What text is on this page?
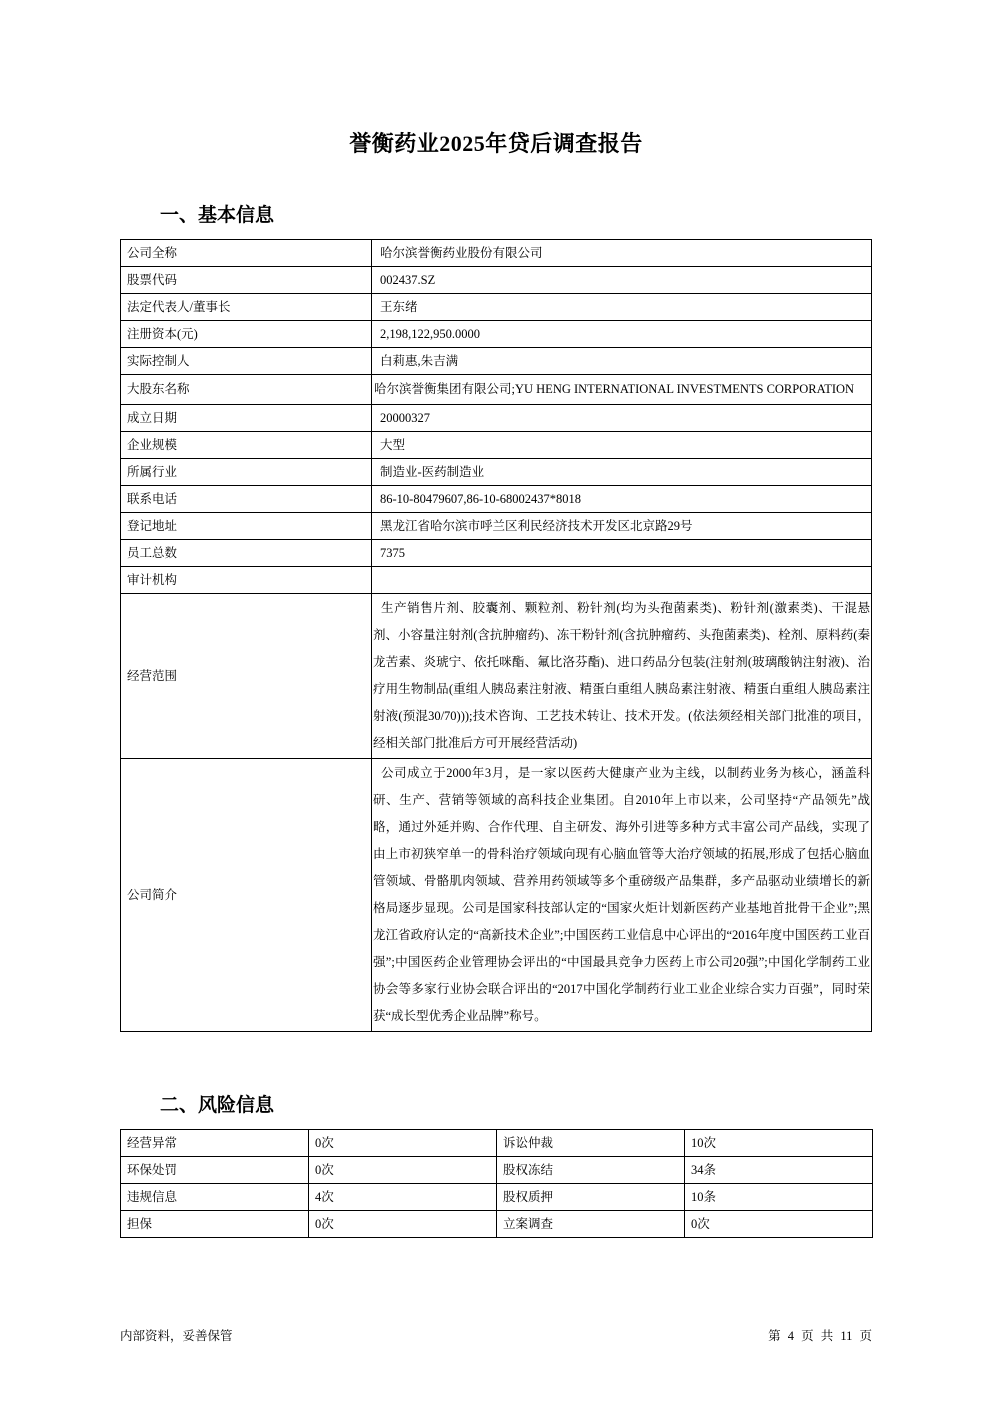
誉衡药业2025年贷后调查报告
一、基本信息
公司全称	哈尔滨誉衡药业股份有限公司
股票代码	002437.SZ
法定代表人/董事长	王东绪
注册资本(元)	2,198,122,950.0000
实际控制人	白莉惠,朱吉满
大股东名称	哈尔滨誉衡集团有限公司;YU HENG INTERNATIONAL INVESTMENTS CORPORATION
成立日期	20000327
企业规模	大型
所属行业	制造业-医药制造业
联系电话	86-10-80479607,86-10-68002437*8018
登记地址	黑龙江省哈尔滨市呼兰区利民经济技术开发区北京路29号
员工总数	7375
审计机构	
经营范围	生产销售片剂、胶囊剂、颗粒剂、粉针剂(均为头孢菌素类)、粉针剂(激素类)、干混悬剂、小容量注射剂(含抗肿瘤药)、冻干粉针剂(含抗肿瘤药、头孢菌素类)、栓剂、原料药(秦龙苦素、炎琥宁、依托咪酯、氟比洛芬酯)、进口药品分包装(注射剂(玻璃酸钠注射液)、治疗用生物制品(重组人胰岛素注射液、精蛋白重组人胰岛素注射液、精蛋白重组人胰岛素注射液(预混30/70)));技术咨询、工艺技术转让、技术开发。(依法须经相关部门批准的项目，经相关部门批准后方可开展经营活动)
公司简介	公司成立于2000年3月，是一家以医药大健康产业为主线，以制药业务为核心，涵盖科研、生产、营销等领域的高科技企业集团。自2010年上市以来，公司坚持“产品领先”战略，通过外延并购、合作代理、自主研发、海外引进等多种方式丰富公司产品线，实现了由上市初狭窄单一的骨科治疗领域向现有心脑血管等大治疗领域的拓展,形成了包括心脑血管领域、骨骼肌肉领域、营养用药领域等多个重磅级产品集群，多产品驱动业绩增长的新格局逐步显现。公司是国家科技部认定的“国家火炬计划新医药产业基地首批骨干企业”;黑龙江省政府认定的“高新技术企业”;中国医药工业信息中心评出的“2016年度中国医药工业百强”;中国医药企业管理协会评出的“中国最具竞争力医药上市公司20强”;中国化学制药工业协会等多家行业协会联合评出的“2017中国化学制药行业工业企业综合实力百强”，同时荣获“成长型优秀企业品牌”称号。
二、风险信息
经营异常	0次	诉讼仲裁	10次
环保处罚	0次	股权冻结	34条
违规信息	4次	股权质押	10条
担保	0次	立案调查	0次
内部资料，妥善保管	第 4 页 共 11 页
